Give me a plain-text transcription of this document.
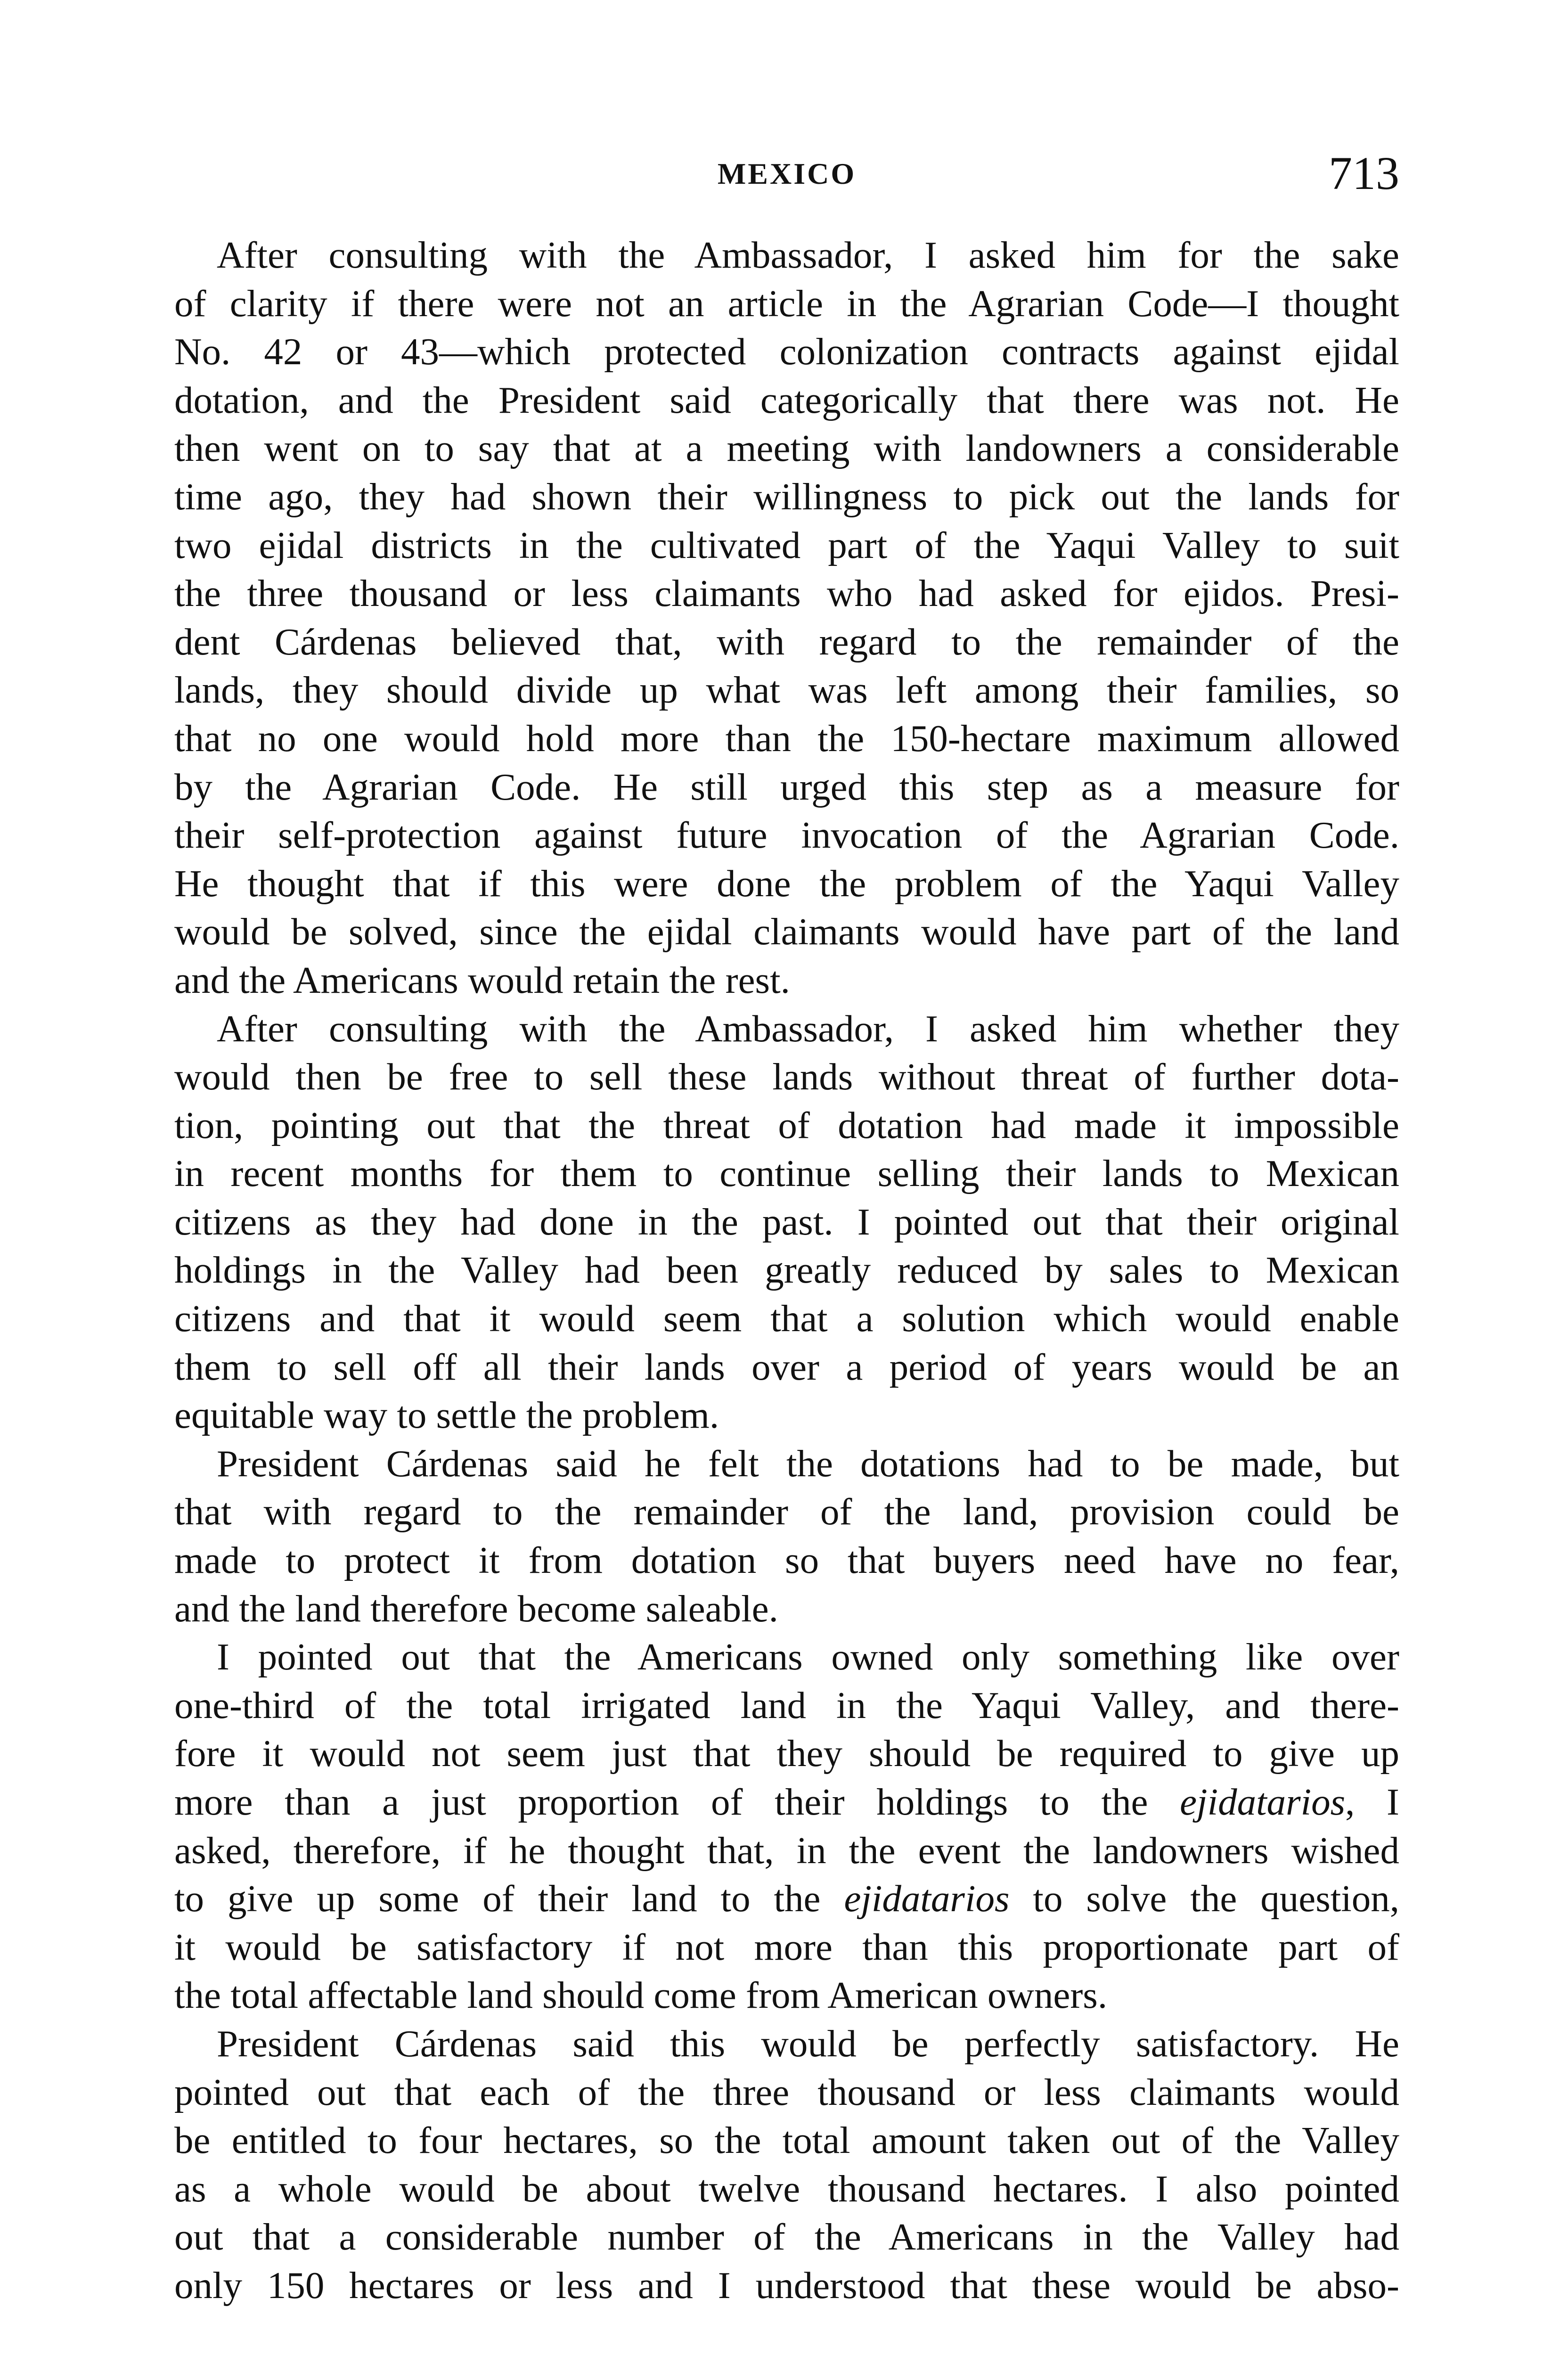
MEXICO	713

After consulting with the Ambassador, I asked him for the sake
of clarity if there were not an article in the Agrarian Code—I thought
No. 42 or 43—which protected colonization contracts against ejidal
dotation, and the President said categorically that there was not. He
then went on to say that at a meeting with landowners a considerable
time ago, they had shown their willingness to pick out the lands for
two ejidal districts in the cultivated part of the Yaqui Valley to suit
the three thousand or less claimants who had asked for ejidos. Presi-
dent Cárdenas believed that, with regard to the remainder of the
lands, they should divide up what was left among their families, so
that no one would hold more than the 150-hectare maximum allowed
by the Agrarian Code. He still urged this step as a measure for
their self-protection against future invocation of the Agrarian Code.
He thought that if this were done the problem of the Yaqui Valley
would be solved, since the ejidal claimants would have part of the land
and the Americans would retain the rest.

After consulting with the Ambassador, I asked him whether they
would then be free to sell these lands without threat of further dota-
tion, pointing out that the threat of dotation had made it impossible
in recent months for them to continue selling their lands to Mexican
citizens as they had done in the past. I pointed out that their original
holdings in the Valley had been greatly reduced by sales to Mexican
citizens and that it would seem that a solution which would enable
them to sell off all their lands over a period of years would be an
equitable way to settle the problem.

President Cárdenas said he felt the dotations had to be made, but
that with regard to the remainder of the land, provision could be
made to protect it from dotation so that buyers need have no fear,
and the land therefore become saleable.

I pointed out that the Americans owned only something like over
one-third of the total irrigated land in the Yaqui Valley, and there-
fore it would not seem just that they should be required to give up
more than a just proportion of their holdings to the ejidatarios, I
asked, therefore, if he thought that, in the event the landowners wished
to give up some of their land to the ejidatarios to solve the question,
it would be satisfactory if not more than this proportionate part of
the total affectable land should come from American owners.

President Cárdenas said this would be perfectly satisfactory. He
pointed out that each of the three thousand or less claimants would
be entitled to four hectares, so the total amount taken out of the Valley
as a whole would be about twelve thousand hectares. I also pointed
out that a considerable number of the Americans in the Valley had
only 150 hectares or less and I understood that these would be abso-
